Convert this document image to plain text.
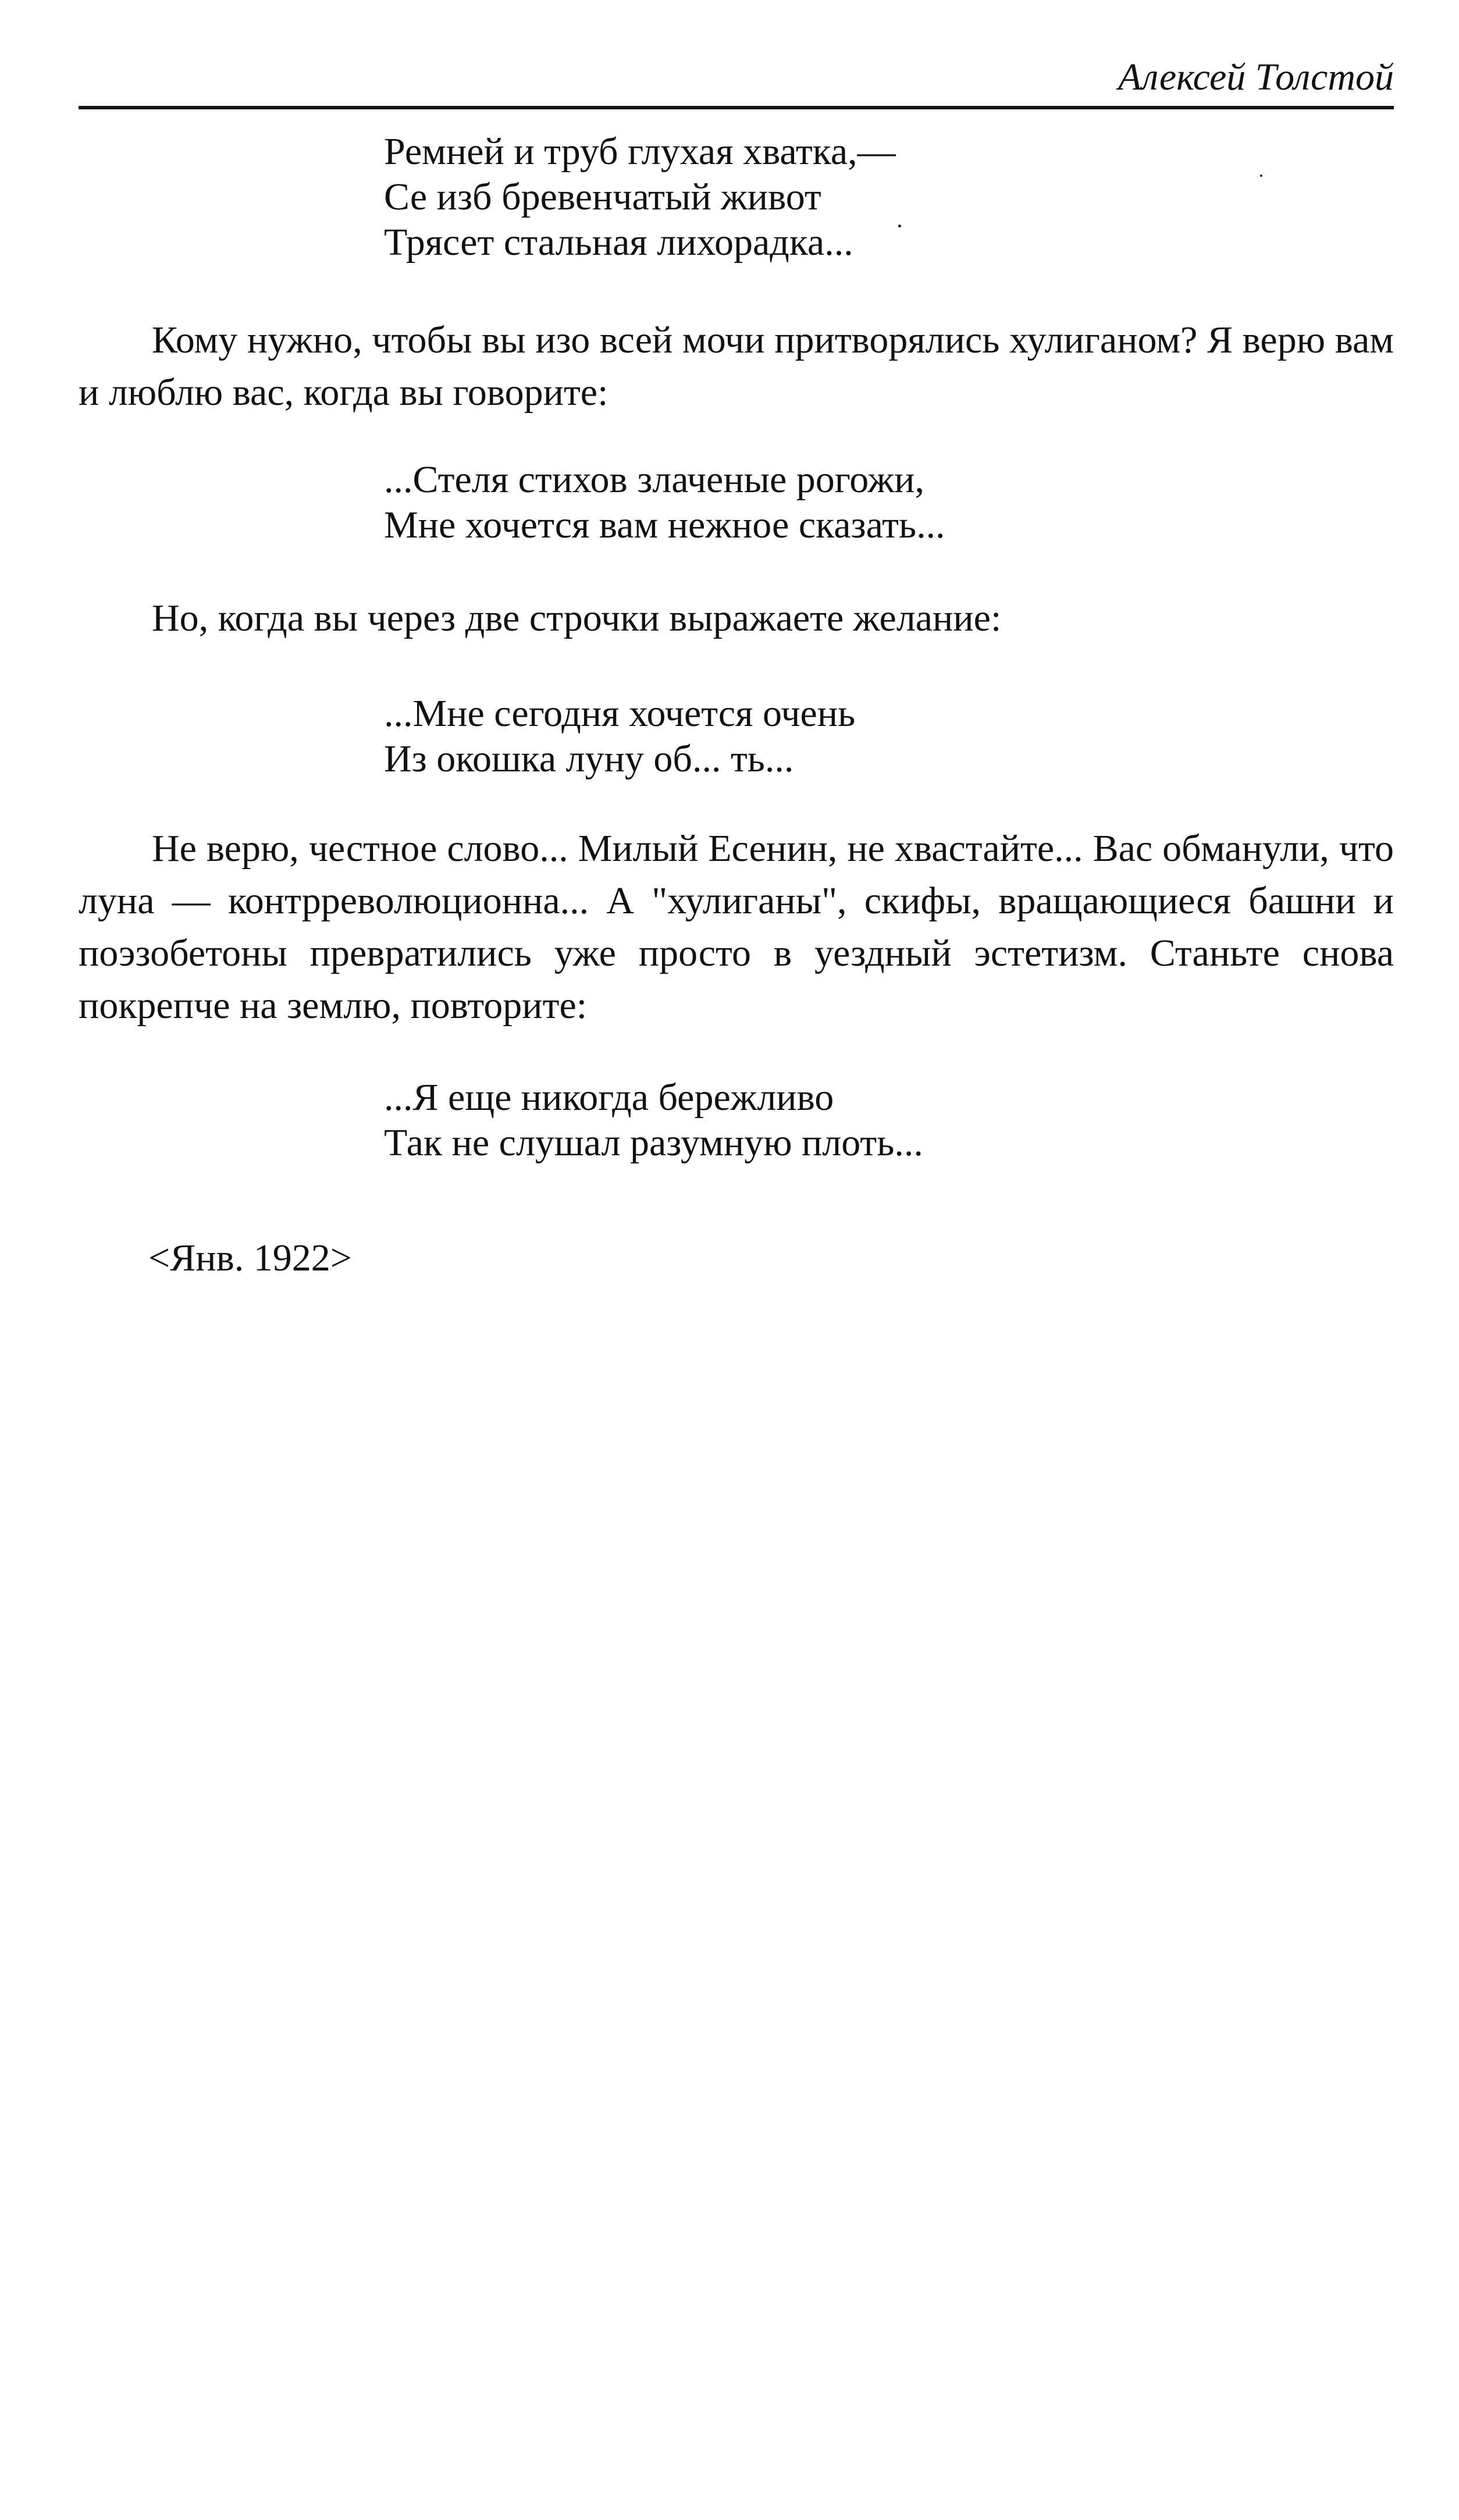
Алексей Толстой
Ремней и труб глухая хватка,—
Се изб бревенчатый живот
Трясет стальная лихорадка...

Кому нужно, чтобы вы изо всей мочи притворялись хулиганом? Я верю вам и люблю вас, когда вы говорите:

...Стеля стихов злаченые рогожи,
Мне хочется вам нежное сказать...
Но, когда вы через две строчки выражаете желание:
...Мне сегодня хочется очень
Из окошка луну об... ть...

Не верю, честное слово... Милый Есенин, не хвастайте... Вас обманули, что луна — контрреволюционна... А "хулиганы", скифы, вращающиеся башни и поэзобетоны превратились уже просто в уездный эстетизм. Станьте снова покрепче на землю, повторите:

...Я еще никогда бережливо
Так не слушал разумную плоть...
<Янв. 1922>
